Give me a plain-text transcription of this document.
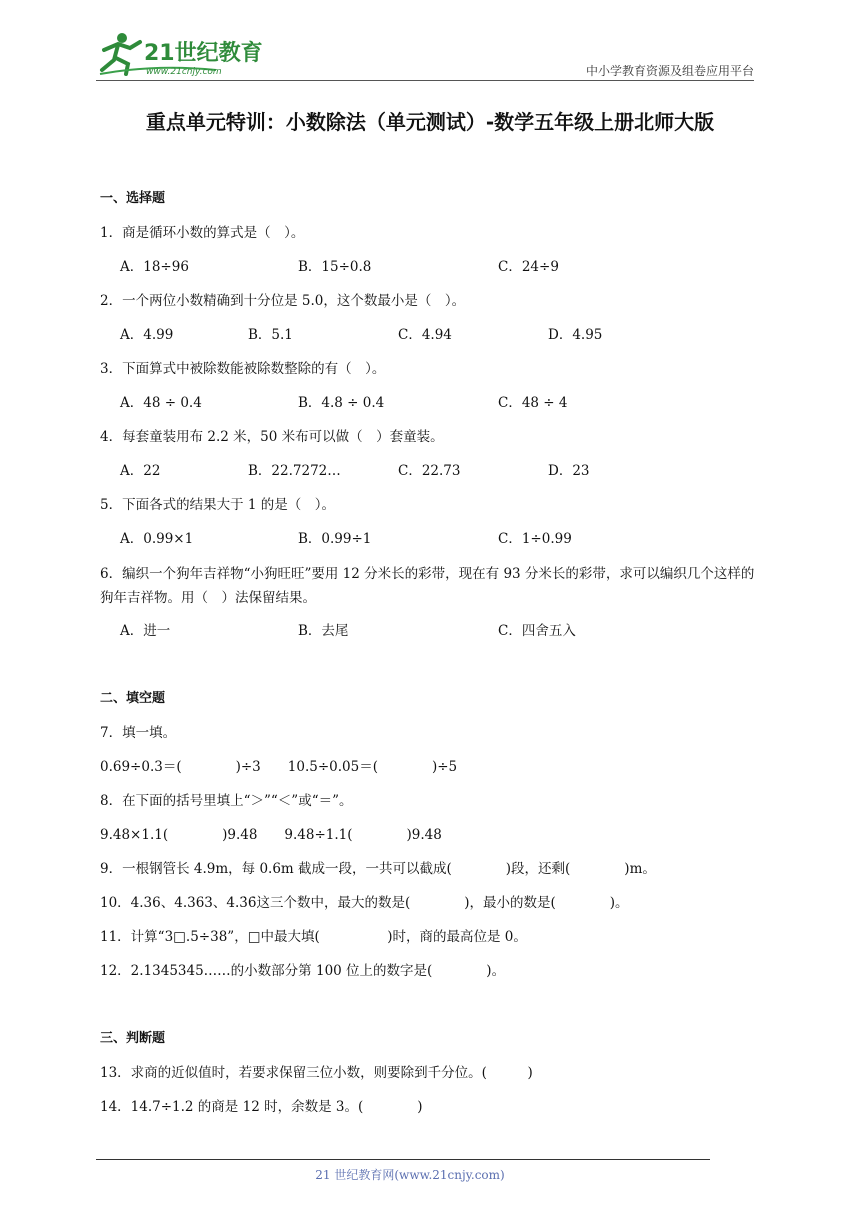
21世纪教育
www.21cnjy.com	中小学教育资源及组卷应用平台
重点单元特训：小数除法（单元测试）-数学五年级上册北师大版
一、选择题
1．商是循环小数的算式是（　）。
A．18÷96	B．15÷0.8	C．24÷9
2．一个两位小数精确到十分位是 5.0，这个数最小是（　）。
A．4.99	B．5.1	C．4.94	D．4.95
3．下面算式中被除数能被除数整除的有（　）。
A．48 ÷ 0.4	B．4.8 ÷ 0.4	C．48 ÷ 4
4．每套童装用布 2.2 米，50 米布可以做（　）套童装。
A．22	B．22.7272…	C．22.73	D．23
5．下面各式的结果大于 1 的是（　）。
A．0.99×1	B．0.99÷1	C．1÷0.99
6．编织一个狗年吉祥物“小狗旺旺”要用 12 分米长的彩带，现在有 93 分米长的彩带，求可以编织几个这样的狗年吉祥物。用（　）法保留结果。
A．进一	B．去尾	C．四舍五入
二、填空题
7．填一填。
0.69÷0.3＝(　　　　)÷3　　10.5÷0.05＝(　　　　)÷5
8．在下面的括号里填上“＞”“＜”或“＝”。
9.48×1.1(　　　　)9.48　　9.48÷1.1(　　　　)9.48
9．一根钢管长 4.9m，每 0.6m 截成一段，一共可以截成(　　　　)段，还剩(　　　　)m。
10．4.36、4.363、4.3̇6̇这三个数中，最大的数是(　　　　)，最小的数是(　　　　)。
11．计算“3□.5÷38”，□中最大填(　　　　　)时，商的最高位是 0。
12．2.1345345……的小数部分第 100 位上的数字是(　　　　)。
三、判断题
13．求商的近似值时，若要求保留三位小数，则要除到千分位。(　　　)
14．14.7÷1.2 的商是 12 时，余数是 3。(　　　　)
21 世纪教育网(www.21cnjy.com)
